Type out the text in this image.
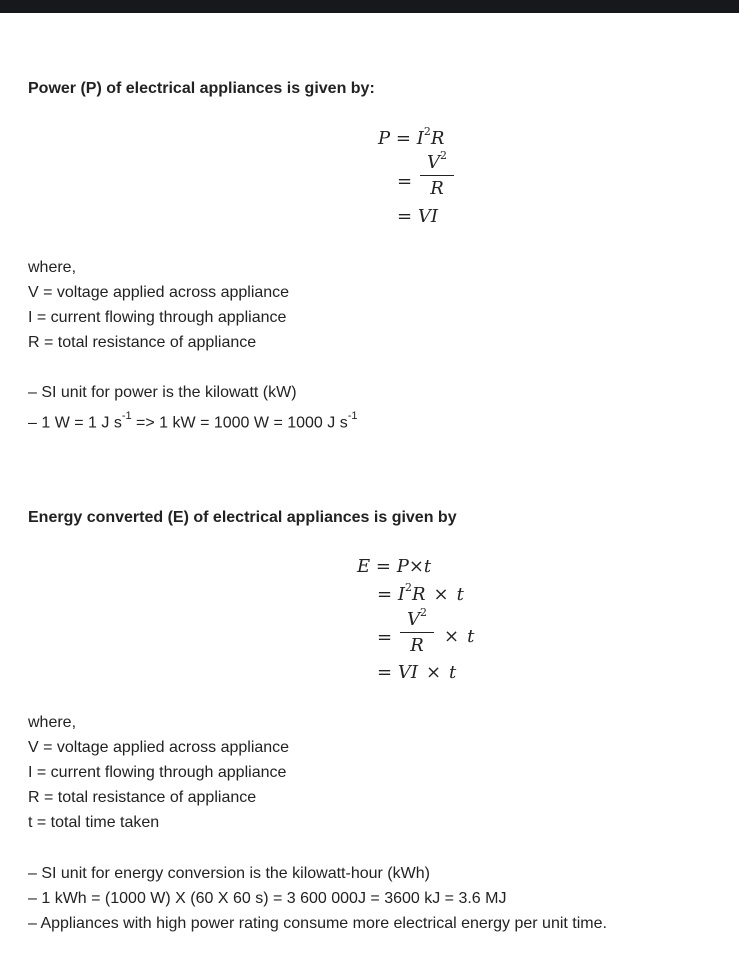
Power (P) of electrical appliances is given by:
$P = I^2R$
=
$V^2$
R
= VI
where,
V = voltage applied across appliance
I = current flowing through appliance
R = total resistance of appliance
– SI unit for power is the kilowatt (kW)
– 1 W = 1 J $s^{-1} => 1$ kW = 1000 W = 1000 J $s^{-1}$
Energy converted (E) of electrical appliances is given by
E = P×t
= $I^2R \times t$
=
$V^2$
R	× t
= VI × t
where,
V = voltage applied across appliance
I = current flowing through appliance
R = total resistance of appliance
t = total time taken
– SI unit for energy conversion is the kilowatt-hour (kWh)
– 1 kWh = (1000 W) X (60 X 60 s) = 3 600 000J = 3600 kJ = 3.6 MJ
– Appliances with high power rating consume more electrical energy per unit time.
